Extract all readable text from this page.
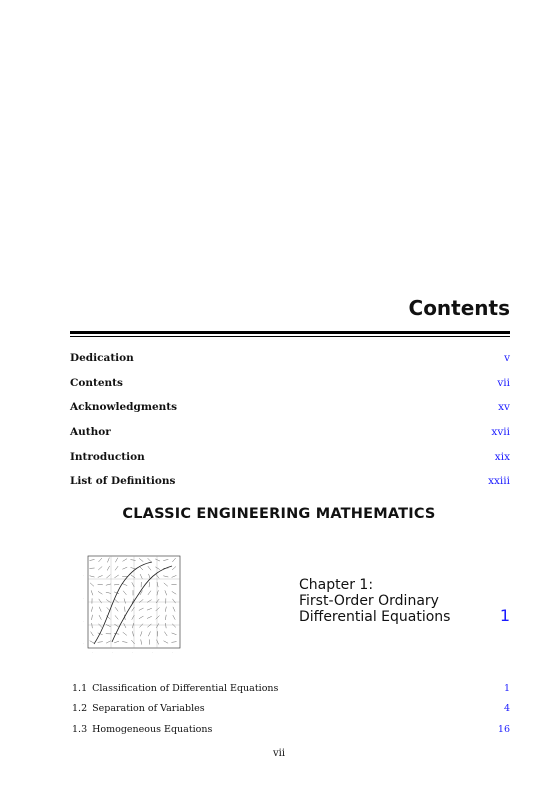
Contents
Dedication	v
Contents	vii
Acknowledgments	xv
Author	xvii
Introduction	xix
List of Definitions	xxiii
CLASSIC ENGINEERING MATHEMATICS
·
·
·
·
·	·	·	·	·
Chapter 1:
First-Order Ordinary
Differential Equations	1
1.1 Classification of Differential Equations	1
1.2 Separation of Variables	4
1.3 Homogeneous Equations	16
vii
